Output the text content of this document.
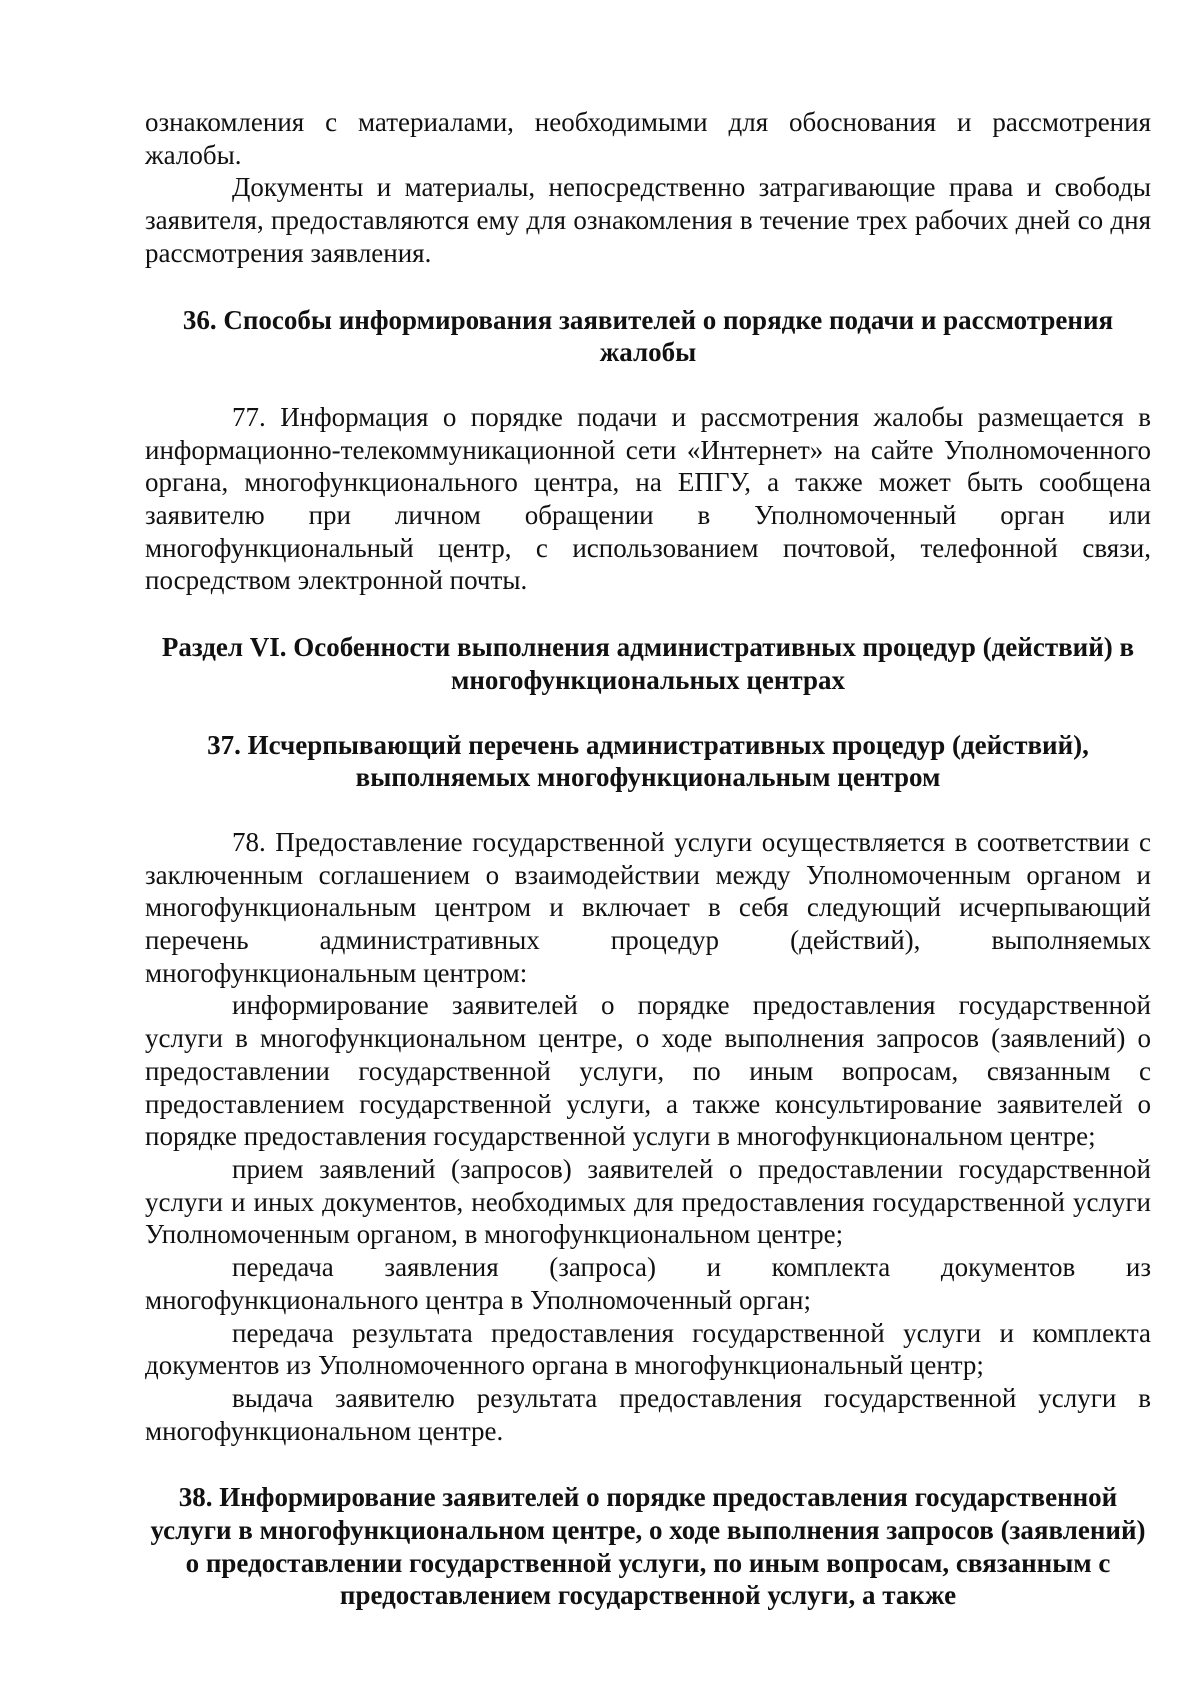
ознакомления с материалами, необходимыми для обоснования и рассмотрения жалобы.

Документы и материалы, непосредственно затрагивающие права и свободы заявителя, предоставляются ему для ознакомления в течение трех рабочих дней со дня рассмотрения заявления.

36. Способы информирования заявителей о порядке подачи и рассмотрения жалобы

77. Информация о порядке подачи и рассмотрения жалобы размещается в информационно-телекоммуникационной сети «Интернет» на сайте Уполномоченного органа, многофункционального центра, на ЕПГУ, а также может быть сообщена заявителю при личном обращении в Уполномоченный орган или многофункциональный центр, с использованием почтовой, телефонной связи, посредством электронной почты.

Раздел VI. Особенности выполнения административных процедур (действий) в многофункциональных центрах
37. Исчерпывающий перечень административных процедур (действий), выполняемых многофункциональным центром

78. Предоставление государственной услуги осуществляется в соответствии с заключенным соглашением о взаимодействии между Уполномоченным органом и многофункциональным центром и включает в себя следующий исчерпывающий перечень административных процедур (действий), выполняемых многофункциональным центром:

информирование заявителей о порядке предоставления государственной услуги в многофункциональном центре, о ходе выполнения запросов (заявлений) о предоставлении государственной услуги, по иным вопросам, связанным с предоставлением государственной услуги, а также консультирование заявителей о порядке предоставления государственной услуги в многофункциональном центре;

прием заявлений (запросов) заявителей о предоставлении государственной услуги и иных документов, необходимых для предоставления государственной услуги Уполномоченным органом, в многофункциональном центре;

передача заявления (запроса) и комплекта документов из многофункционального центра в Уполномоченный орган;

передача результата предоставления государственной услуги и комплекта документов из Уполномоченного органа в многофункциональный центр;

выдача заявителю результата предоставления государственной услуги в многофункциональном центре.

38. Информирование заявителей о порядке предоставления государственной услуги в многофункциональном центре, о ходе выполнения запросов (заявлений) о предоставлении государственной услуги, по иным вопросам, связанным с предоставлением государственной услуги, а также
